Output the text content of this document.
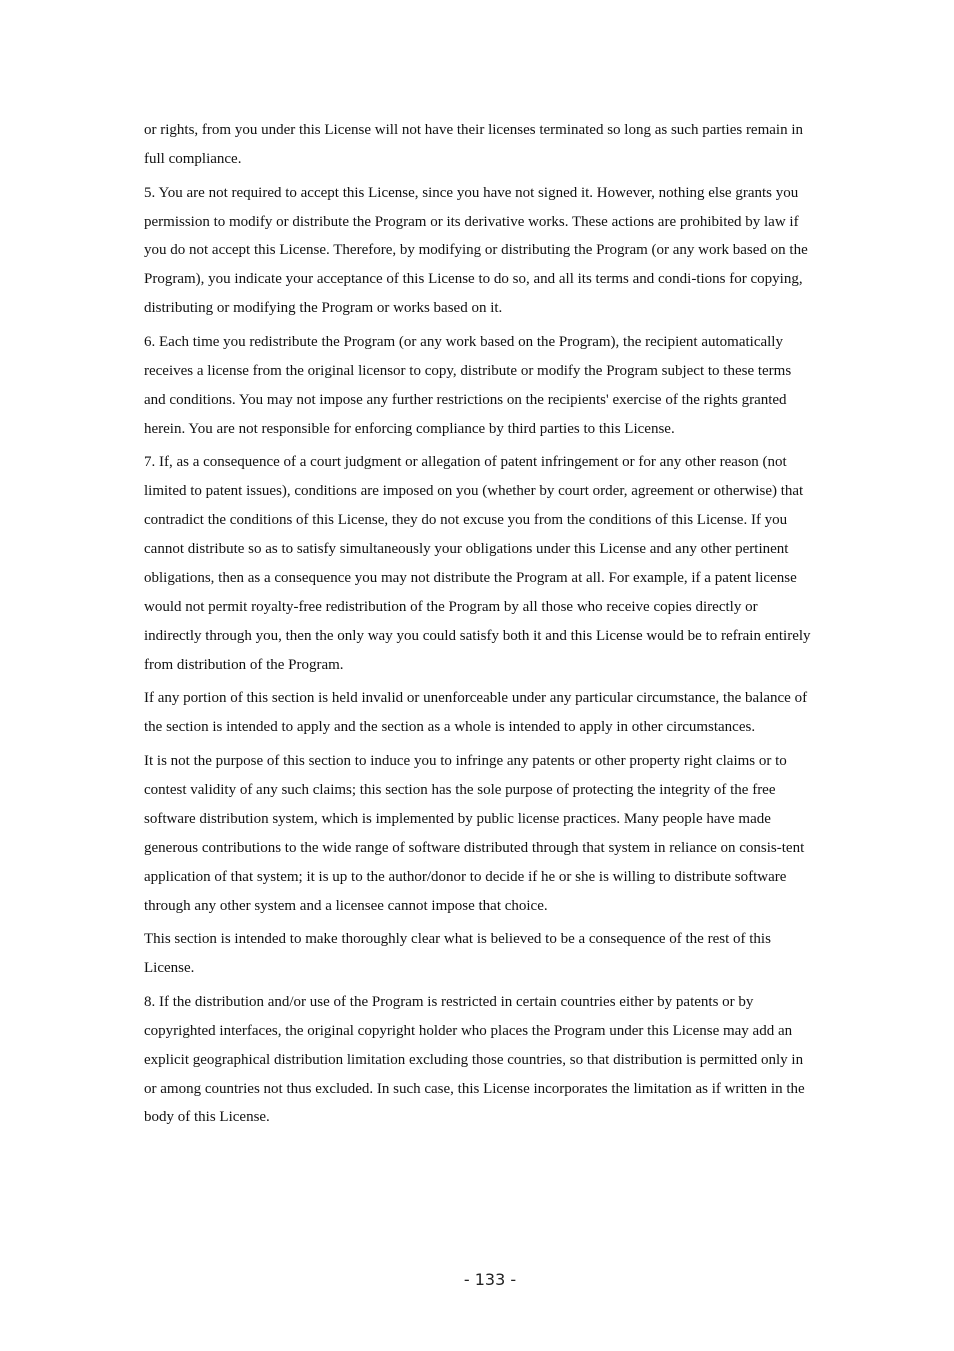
or rights, from you under this License will not have their licenses terminated so long as such parties remain in full compliance.

5. You are not required to accept this License, since you have not signed it. However, nothing else grants you permission to modify or distribute the Program or its derivative works. These actions are prohibited by law if you do not accept this License. Therefore, by modifying or distributing the Program (or any work based on the Program), you indicate your acceptance of this License to do so, and all its terms and condi-tions for copying, distributing or modifying the Program or works based on it.

6. Each time you redistribute the Program (or any work based on the Program), the recipient automatically receives a license from the original licensor to copy, distribute or modify the Program subject to these terms and conditions. You may not impose any further restrictions on the recipients' exercise of the rights granted herein. You are not responsible for enforcing compliance by third parties to this License.

7. If, as a consequence of a court judgment or allegation of patent infringement or for any other reason (not limited to patent issues), conditions are imposed on you (whether by court order, agreement or otherwise) that contradict the conditions of this License, they do not excuse you from the conditions of this License. If you cannot distribute so as to satisfy simultaneously your obligations under this License and any other pertinent obligations, then as a consequence you may not distribute the Program at all. For example, if a patent license would not permit royalty-free redistribution of the Program by all those who receive copies directly or indirectly through you, then the only way you could satisfy both it and this License would be to refrain entirely from distribution of the Program.

If any portion of this section is held invalid or unenforceable under any particular circumstance, the balance of the section is intended to apply and the section as a whole is intended to apply in other circumstances.

It is not the purpose of this section to induce you to infringe any patents or other property right claims or to contest validity of any such claims; this section has the sole purpose of protecting the integrity of the free software distribution system, which is implemented by public license practices. Many people have made generous contributions to the wide range of software distributed through that system in reliance on consis-tent application of that system; it is up to the author/donor to decide if he or she is willing to distribute software through any other system and a licensee cannot impose that choice.

This section is intended to make thoroughly clear what is believed to be a consequence of the rest of this License.

8. If the distribution and/or use of the Program is restricted in certain countries either by patents or by copyrighted interfaces, the original copyright holder who places the Program under this License may add an explicit geographical distribution limitation excluding those countries, so that distribution is permitted only in or among countries not thus excluded. In such case, this License incorporates the limitation as if written in the body of this License.

- 133 -
